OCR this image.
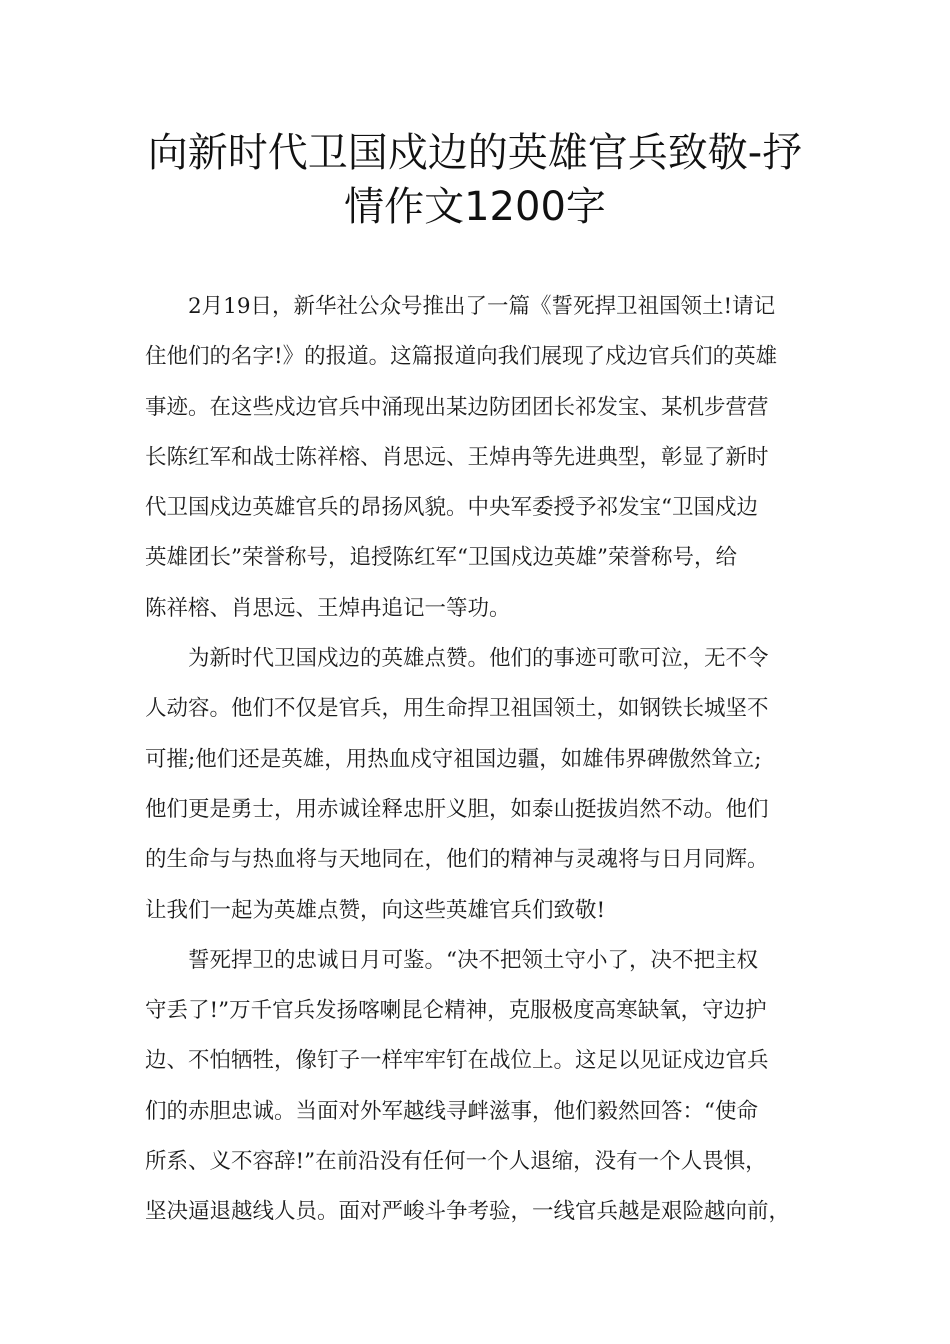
向新时代卫国戍边的英雄官兵致敬-抒
情作文1200字
2月19日，新华社公众号推出了一篇《誓死捍卫祖国领土!请记
住他们的名字!》的报道。这篇报道向我们展现了戍边官兵们的英雄
事迹。在这些戍边官兵中涌现出某边防团团长祁发宝、某机步营营
长陈红军和战士陈祥榕、肖思远、王焯冉等先进典型，彰显了新时
代卫国戍边英雄官兵的昂扬风貌。中央军委授予祁发宝“卫国戍边
英雄团长”荣誉称号，追授陈红军“卫国戍边英雄”荣誉称号，给
陈祥榕、肖思远、王焯冉追记一等功。
为新时代卫国戍边的英雄点赞。他们的事迹可歌可泣，无不令
人动容。他们不仅是官兵，用生命捍卫祖国领土，如钢铁长城坚不
可摧;他们还是英雄，用热血戍守祖国边疆，如雄伟界碑傲然耸立;
他们更是勇士，用赤诚诠释忠肝义胆，如泰山挺拔岿然不动。他们
的生命与与热血将与天地同在，他们的精神与灵魂将与日月同辉。
让我们一起为英雄点赞，向这些英雄官兵们致敬!
誓死捍卫的忠诚日月可鉴。“决不把领土守小了，决不把主权
守丢了!”万千官兵发扬喀喇昆仑精神，克服极度高寒缺氧，守边护
边、不怕牺牲，像钉子一样牢牢钉在战位上。这足以见证戍边官兵
们的赤胆忠诚。当面对外军越线寻衅滋事，他们毅然回答：“使命
所系、义不容辞!”在前沿没有任何一个人退缩，没有一个人畏惧，
坚决逼退越线人员。面对严峻斗争考验，一线官兵越是艰险越向前，
